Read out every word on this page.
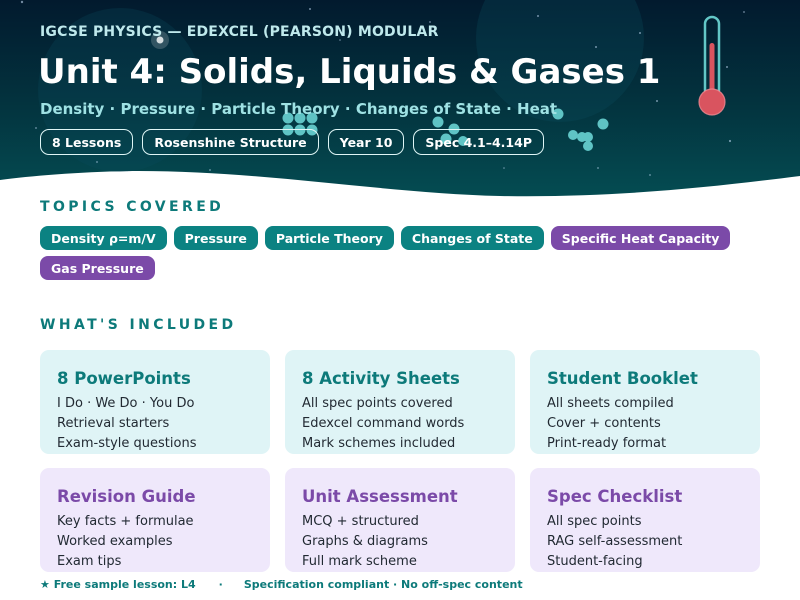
IGCSE PHYSICS — EDEXCEL (PEARSON) MODULAR
Unit 4: Solids, Liquids & Gases 1
Density · Pressure · Particle Theory · Changes of State · Heat
8 Lessons	Rosenshine Structure	Year 10	Spec 4.1–4.14P
TOPICS COVERED
Density ρ=m/V	Pressure	Particle Theory	Changes of State	Specific Heat Capacity
Gas Pressure
WHAT'S INCLUDED
8 PowerPoints
I Do · We Do · You Do
Retrieval starters
Exam-style questions
8 Activity Sheets
All spec points covered
Edexcel command words
Mark schemes included
Student Booklet
All sheets compiled
Cover + contents
Print-ready format
Revision Guide
Key facts + formulae
Worked examples
Exam tips
Unit Assessment
MCQ + structured
Graphs & diagrams
Full mark scheme
Spec Checklist
All spec points
RAG self-assessment
Student-facing
★ Free sample lesson: L4 · Specification compliant · No off-spec content
